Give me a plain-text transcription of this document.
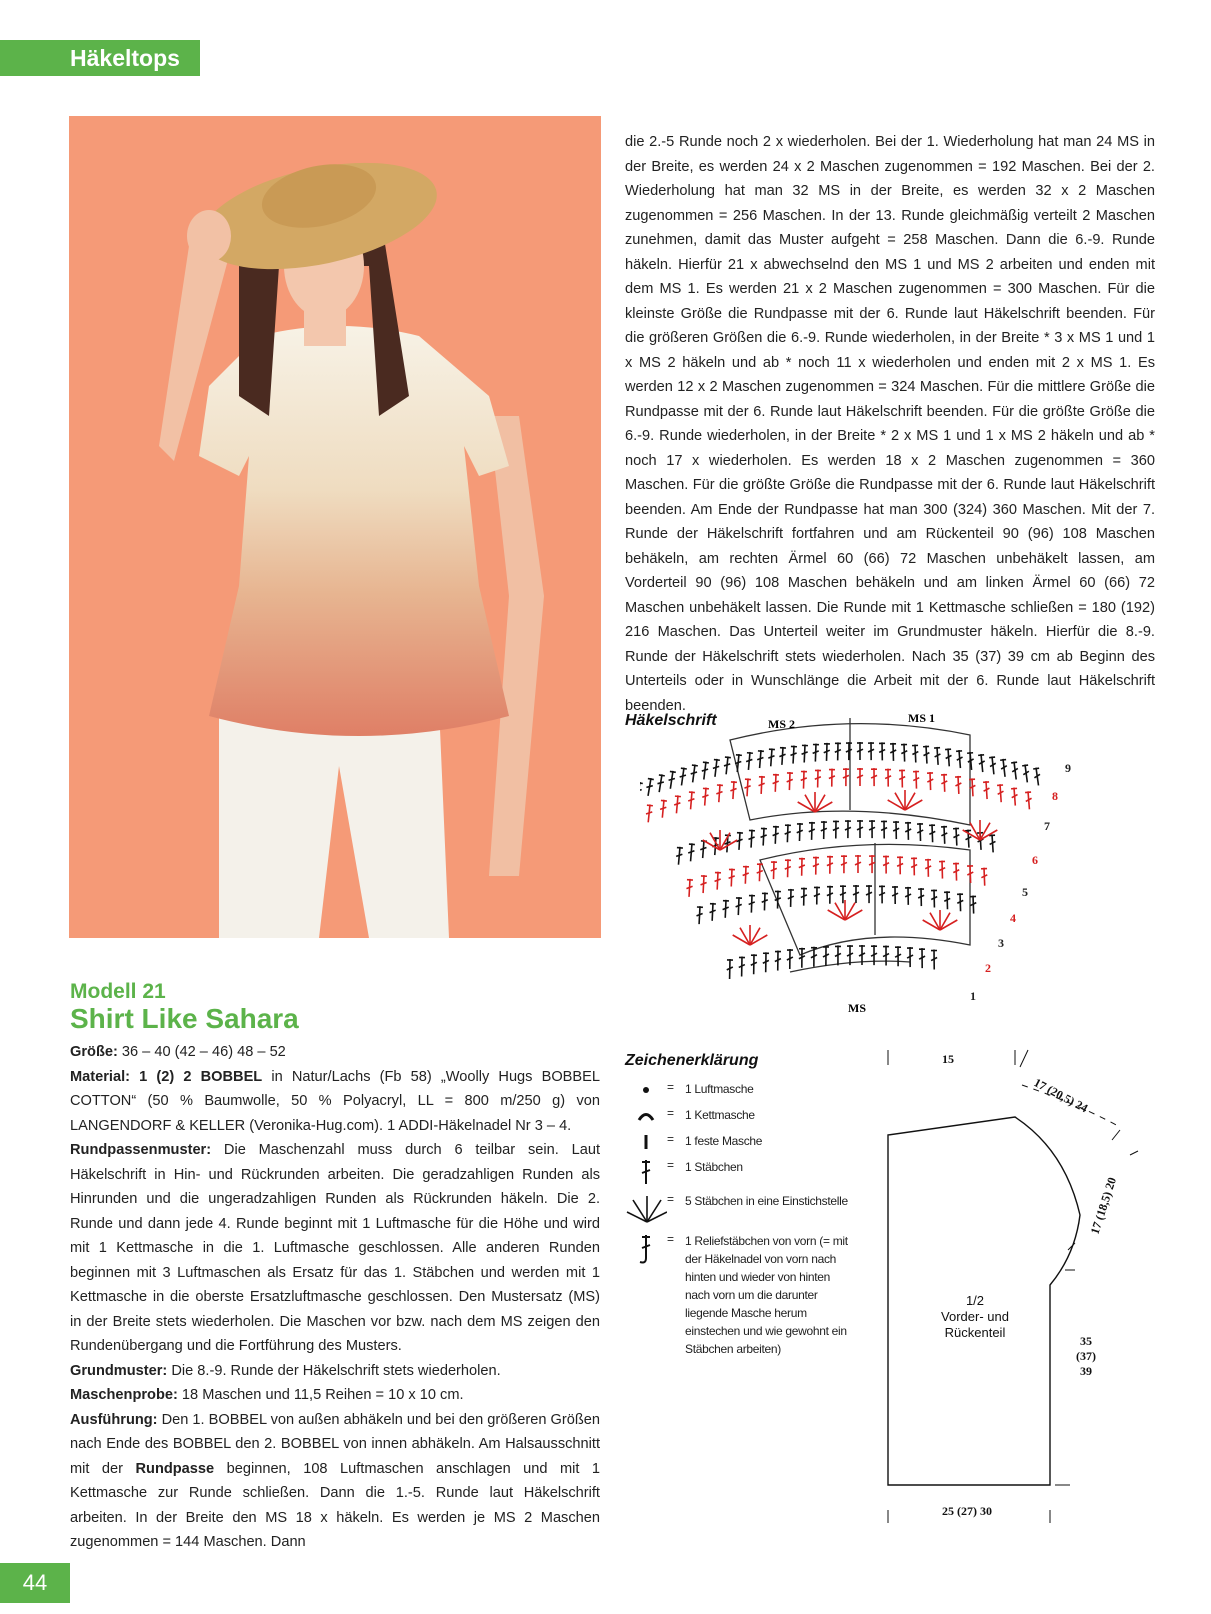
Häkeltops

die 2.-5 Runde noch 2 x wiederholen. Bei der 1. Wiederholung hat man 24 MS in der Breite, es werden 24 x 2 Maschen zugenommen = 192 Maschen. Bei der 2. Wiederholung hat man 32 MS in der Breite, es werden 32 x 2 Maschen zugenommen = 256 Maschen. In der 13. Runde gleichmäßig verteilt 2 Maschen zunehmen, damit das Muster aufgeht = 258 Maschen. Dann die 6.-9. Runde häkeln. Hierfür 21 x abwechselnd den MS 1 und MS 2 arbeiten und enden mit dem MS 1. Es werden 21 x 2 Maschen zugenommen = 300 Maschen. Für die kleinste Größe die Rundpasse mit der 6. Runde laut Häkelschrift beenden. Für die größeren Größen die 6.-9. Runde wiederholen, in der Breite * 3 x MS 1 und 1 x MS 2 häkeln und ab * noch 11 x wiederholen und enden mit 2 x MS 1. Es werden 12 x 2 Maschen zugenommen = 324 Maschen. Für die mittlere Größe die Rundpasse mit der 6. Runde laut Häkelschrift beenden. Für die größte Größe die 6.-9. Runde wiederholen, in der Breite * 2 x MS 1 und 1 x MS 2 häkeln und ab * noch 17 x wiederholen. Es werden 18 x 2 Maschen zugenommen = 360 Maschen. Für die größte Größe die Rundpasse mit der 6. Runde laut Häkelschrift beenden. Am Ende der Rundpasse hat man 300 (324) 360 Maschen. Mit der 7. Runde der Häkelschrift fortfahren und am Rückenteil 90 (96) 108 Maschen behäkeln, am rechten Ärmel 60 (66) 72 Maschen unbehäkelt lassen, am Vorderteil 90 (96) 108 Maschen behäkeln und am linken Ärmel 60 (66) 72 Maschen unbehäkelt lassen. Die Runde mit 1 Kettmasche schließen = 180 (192) 216 Maschen. Das Unterteil weiter im Grundmuster häkeln. Hierfür die 8.-9. Runde der Häkelschrift stets wiederholen. Nach 35 (37) 39 cm ab Beginn des Unterteils oder in Wunschlänge die Arbeit mit der 6. Runde laut Häkelschrift beenden.

Modell 21
Shirt Like Sahara

Größe: 36 – 40 (42 – 46) 48 – 52

Material: 1 (2) 2 BOBBEL in Natur/Lachs (Fb 58) „Woolly Hugs BOBBEL COTTON“ (50 % Baumwolle, 50 % Polyacryl, LL = 800 m/250 g) von LANGENDORF & KELLER (Veronika-Hug.com). 1 ADDI-Häkelnadel Nr 3 – 4.

Rundpassenmuster: Die Maschenzahl muss durch 6 teilbar sein. Laut Häkelschrift in Hin- und Rückrunden arbeiten. Die geradzahligen Runden als Hinrunden und die ungeradzahligen Runden als Rückrunden häkeln. Die 2. Runde und dann jede 4. Runde beginnt mit 1 Luftmasche für die Höhe und wird mit 1 Kettmasche in die 1. Luftmasche geschlossen. Alle anderen Runden beginnen mit 3 Luftmaschen als Ersatz für das 1. Stäbchen und werden mit 1 Kettmasche in die oberste Ersatzluftmasche geschlossen. Den Mustersatz (MS) in der Breite stets wiederholen. Die Maschen vor bzw. nach dem MS zeigen den Rundenübergang und die Fortführung des Musters.

Grundmuster: Die 8.-9. Runde der Häkelschrift stets wiederholen.

Maschenprobe: 18 Maschen und 11,5 Reihen = 10 x 10 cm.

Ausführung: Den 1. BOBBEL von außen abhäkeln und bei den größeren Größen nach Ende des BOBBEL den 2. BOBBEL von innen abhäkeln. Am Halsausschnitt mit der Rundpasse beginnen, 108 Luftmaschen anschlagen und mit 1 Kettmasche zur Runde schließen. Dann die 1.-5. Runde laut Häkelschrift arbeiten. In der Breite den MS 18 x häkeln. Es werden je MS 2 Maschen zugenommen = 144 Maschen. Dann

Häkelschrift	MS 2	MS 1
MS
1
2
3
4
5
6
7
8
9
Zeichenerklärung
= 1 Luftmasche
= 1 Kettmasche
= 1 feste Masche
= 1 Stäbchen
= 5 Stäbchen in eine Einstichstelle
= 1 Reliefstäbchen von vorn (= mit der Häkelnadel von vorn nach hinten und wieder von hinten nach vorn um die darunter liegende Masche herum einstechen und wie gewohnt ein Stäbchen arbeiten)
15
17 (20,5) 24
17 (18,5) 20
25 (27) 30
35
(37)
39
1/2
Vorder- und
Rückenteil
44
